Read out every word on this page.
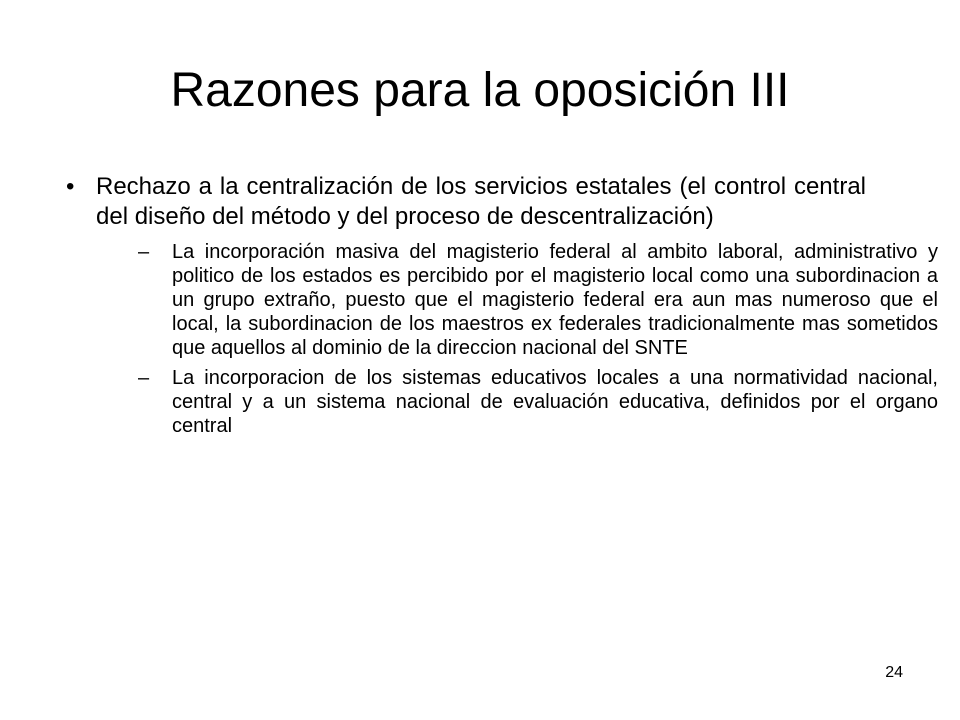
Razones para la oposición III
• Rechazo a la centralización de los servicios estatales (el control central del diseño del método y del proceso de descentralización)
–	La incorporación masiva del magisterio federal al ambito laboral, administrativo y politico de los estados es percibido por el magisterio local como una subordinacion a un grupo extraño, puesto que el magisterio federal era aun mas numeroso que el local, la subordinacion de los maestros ex federales tradicionalmente mas sometidos que aquellos al dominio de la direccion nacional del SNTE
–	La incorporacion de los sistemas educativos locales a una normatividad nacional, central y a un sistema nacional de evaluación educativa, definidos por el organo central
24
